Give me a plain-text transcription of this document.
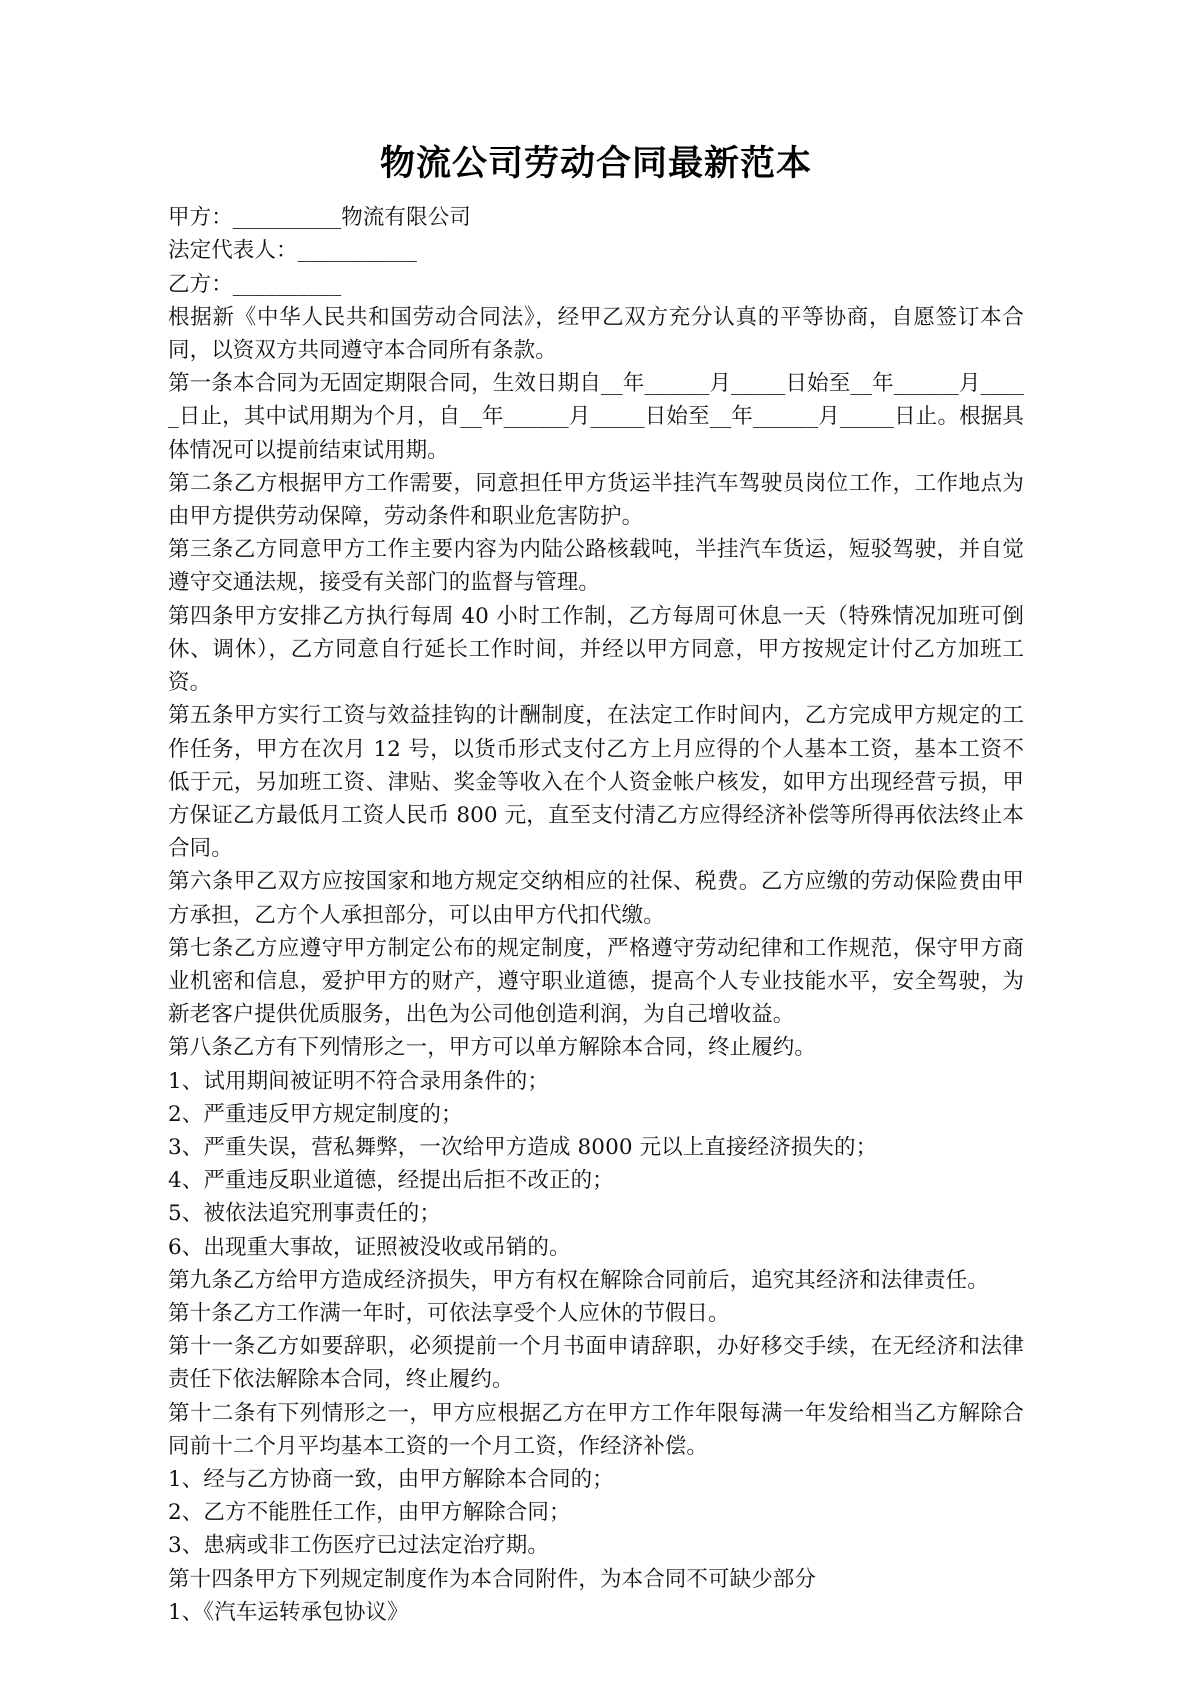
物流公司劳动合同最新范本

甲方：__________物流有限公司

法定代表人：___________

乙方：__________

根据新《中华人民共和国劳动合同法》，经甲乙双方充分认真的平等协商，自愿签订本合同，以资双方共同遵守本合同所有条款。

第一条本合同为无固定期限合同，生效日期自__年______月_____日始至__年______月_____日止，其中试用期为个月，自__年______月_____日始至__年______月_____日止。根据具体情况可以提前结束试用期。

第二条乙方根据甲方工作需要，同意担任甲方货运半挂汽车驾驶员岗位工作，工作地点为由甲方提供劳动保障，劳动条件和职业危害防护。

第三条乙方同意甲方工作主要内容为内陆公路核载吨，半挂汽车货运，短驳驾驶，并自觉遵守交通法规，接受有关部门的监督与管理。

第四条甲方安排乙方执行每周 40 小时工作制，乙方每周可休息一天（特殊情况加班可倒休、调休），乙方同意自行延长工作时间，并经以甲方同意，甲方按规定计付乙方加班工资。

第五条甲方实行工资与效益挂钩的计酬制度，在法定工作时间内，乙方完成甲方规定的工作任务，甲方在次月 12 号，以货币形式支付乙方上月应得的个人基本工资，基本工资不低于元，另加班工资、津贴、奖金等收入在个人资金帐户核发，如甲方出现经营亏损，甲方保证乙方最低月工资人民币 800 元，直至支付清乙方应得经济补偿等所得再依法终止本合同。

第六条甲乙双方应按国家和地方规定交纳相应的社保、税费。乙方应缴的劳动保险费由甲方承担，乙方个人承担部分，可以由甲方代扣代缴。

第七条乙方应遵守甲方制定公布的规定制度，严格遵守劳动纪律和工作规范，保守甲方商业机密和信息，爱护甲方的财产，遵守职业道德，提高个人专业技能水平，安全驾驶，为新老客户提供优质服务，出色为公司他创造利润，为自己增收益。

第八条乙方有下列情形之一，甲方可以单方解除本合同，终止履约。

1、试用期间被证明不符合录用条件的；

2、严重违反甲方规定制度的；

3、严重失误，营私舞弊，一次给甲方造成 8000 元以上直接经济损失的；

4、严重违反职业道德，经提出后拒不改正的；

5、被依法追究刑事责任的；

6、出现重大事故，证照被没收或吊销的。

第九条乙方给甲方造成经济损失，甲方有权在解除合同前后，追究其经济和法律责任。

第十条乙方工作满一年时，可依法享受个人应休的节假日。

第十一条乙方如要辞职，必须提前一个月书面申请辞职，办好移交手续，在无经济和法律责任下依法解除本合同，终止履约。

第十二条有下列情形之一，甲方应根据乙方在甲方工作年限每满一年发给相当乙方解除合同前十二个月平均基本工资的一个月工资，作经济补偿。

1、经与乙方协商一致，由甲方解除本合同的；

2、乙方不能胜任工作，由甲方解除合同；

3、患病或非工伤医疗已过法定治疗期。

第十四条甲方下列规定制度作为本合同附件，为本合同不可缺少部分

1、《汽车运转承包协议》
